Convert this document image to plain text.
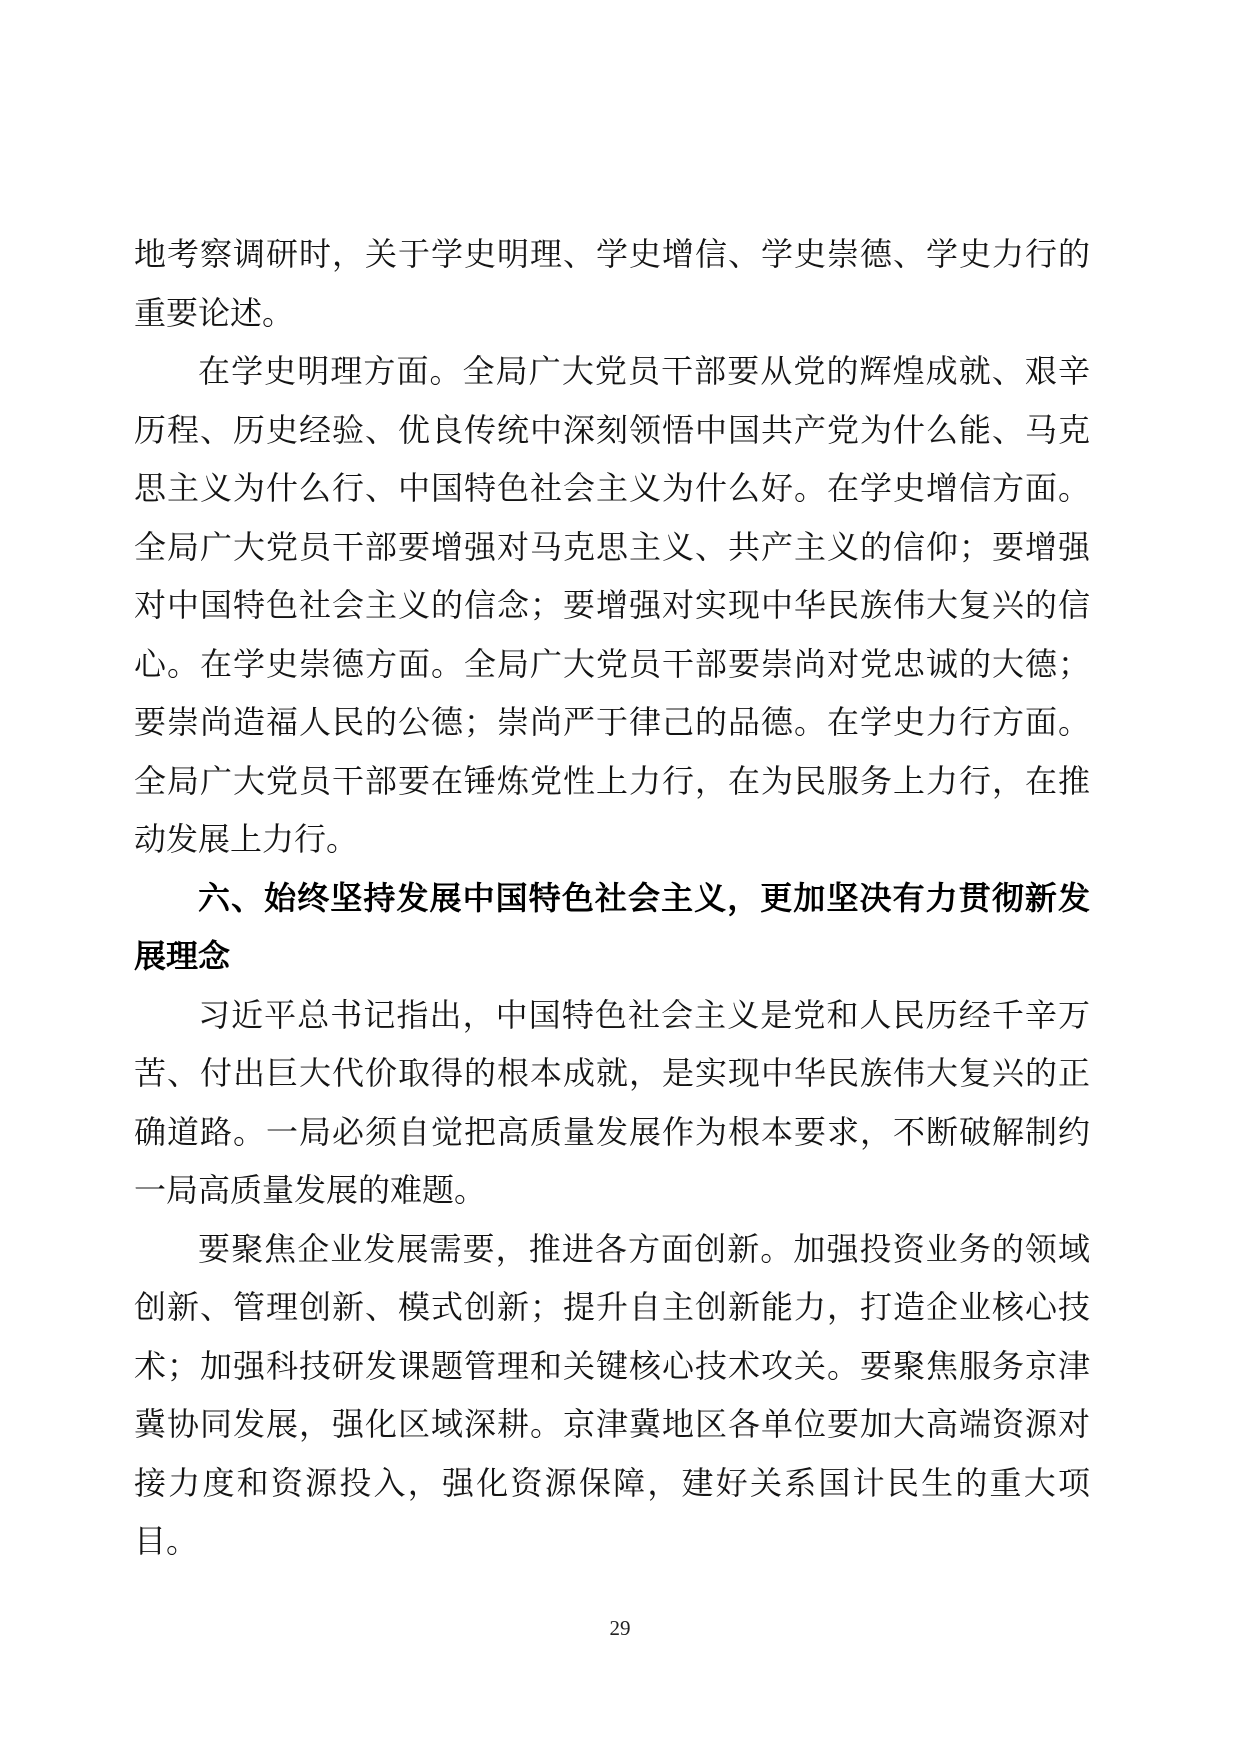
地考察调研时，关于学史明理、学史增信、学史崇德、学史力行的重要论述。

在学史明理方面。全局广大党员干部要从党的辉煌成就、艰辛历程、历史经验、优良传统中深刻领悟中国共产党为什么能、马克思主义为什么行、中国特色社会主义为什么好。在学史增信方面。全局广大党员干部要增强对马克思主义、共产主义的信仰；要增强对中国特色社会主义的信念；要增强对实现中华民族伟大复兴的信心。在学史崇德方面。全局广大党员干部要崇尚对党忠诚的大德；要崇尚造福人民的公德；崇尚严于律己的品德。在学史力行方面。全局广大党员干部要在锤炼党性上力行，在为民服务上力行，在推动发展上力行。

六、始终坚持发展中国特色社会主义，更加坚决有力贯彻新发展理念

习近平总书记指出，中国特色社会主义是党和人民历经千辛万苦、付出巨大代价取得的根本成就，是实现中华民族伟大复兴的正确道路。一局必须自觉把高质量发展作为根本要求，不断破解制约一局高质量发展的难题。

要聚焦企业发展需要，推进各方面创新。加强投资业务的领域创新、管理创新、模式创新；提升自主创新能力，打造企业核心技术；加强科技研发课题管理和关键核心技术攻关。要聚焦服务京津冀协同发展，强化区域深耕。京津冀地区各单位要加大高端资源对接力度和资源投入，强化资源保障，建好关系国计民生的重大项目。

29
